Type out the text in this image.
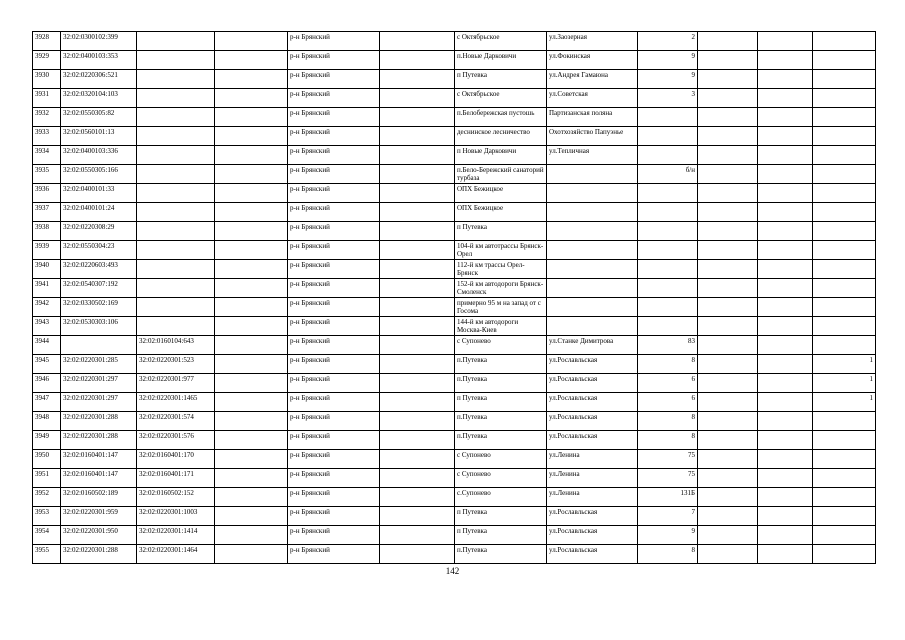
3928	32:02:0300102:399			р-н Брянский		с Октябрьское	ул.Заозерная	2			
3929	32:02:0400103:353			р-н Брянский		п.Новые Дарковичи	ул.Фокинская	9			
3930	32:02:0220306:521			р-н Брянский		п Путевка	ул.Андрея Гамаюна	9			
3931	32:02:0320104:103			р-н Брянский		с Октябрьское	ул.Советская	3			
3932	32:02:0550305:82			р-н Брянский		п.Белобережская пустошь	Партизанская поляна				
3933	32:02:0560101:13			р-н Брянский		деснинское лесничество	Охотхозяйство Папуэнье				
3934	32:02:0400103:336			р-н Брянский		п Новые Дарковичи	ул.Тепличная				
3935	32:02:0550305:166			р-н Брянский		п.Бело-Бережский санаторий турбаза		б/н			
3936	32:02:0400101:33			р-н Брянский		ОПХ Бежицкое					
3937	32:02:0400101:24			р-н Брянский		ОПХ Бежицкое					
3938	32:02:0220308:29			р-н Брянский		п Путевка					
3939	32:02:0550304:23			р-н Брянский		104-й км автотрассы Брянск-Орел					
3940	32:02:0220603:493			р-н Брянский		112-й км трассы Орел-Брянск					
3941	32:02:0540307:192			р-н Брянский		152-й км автодороги Брянск-Смоленск					
3942	32:02:0330502:169			р-н Брянский		примерно 95 м на запад от с Госома					
3943	32:02:0530303:106			р-н Брянский		144-й км автодороги Москва-Киев					
3944		32:02:0160104:643		р-н Брянский		с Супонево	ул.Станке Димитрова	83			
3945	32:02:0220301:285	32:02:0220301:523		р-н Брянский		п.Путевка	ул.Рославльская	8			1
3946	32:02:0220301:297	32:02:0220301:977		р-н Брянский		п.Путевка	ул.Рославльская	6			1
3947	32:02:0220301:297	32:02:0220301:1465		р-н Брянский		п Путевка	ул.Рославльская	6			1
3948	32:02:0220301:288	32:02:0220301:574		р-н Брянский		п.Путевка	ул.Рославльская	8			
3949	32:02:0220301:288	32:02:0220301:576		р-н Брянский		п.Путевка	ул.Рославльская	8			
3950	32:02:0160401:147	32:02:0160401:170		р-н Брянский		с Супонево	ул.Ленина	75			
3951	32:02:0160401:147	32:02:0160401:171		р-н Брянский		с Супонево	ул.Ленина	75			
3952	32:02:0160502:189	32:02:0160502:152		р-н Брянский		с.Супонево	ул.Ленина	131Б			
3953	32:02:0220301:959	32:02:0220301:1003		р-н Брянский		п Путевка	ул.Рославльская	7			
3954	32:02:0220301:950	32:02:0220301:1414		р-н Брянский		п Путевка	ул.Рославльская	9			
3955	32:02:0220301:288	32:02:0220301:1464		р-н Брянский		п.Путевка	ул.Рославльская	8			
142
